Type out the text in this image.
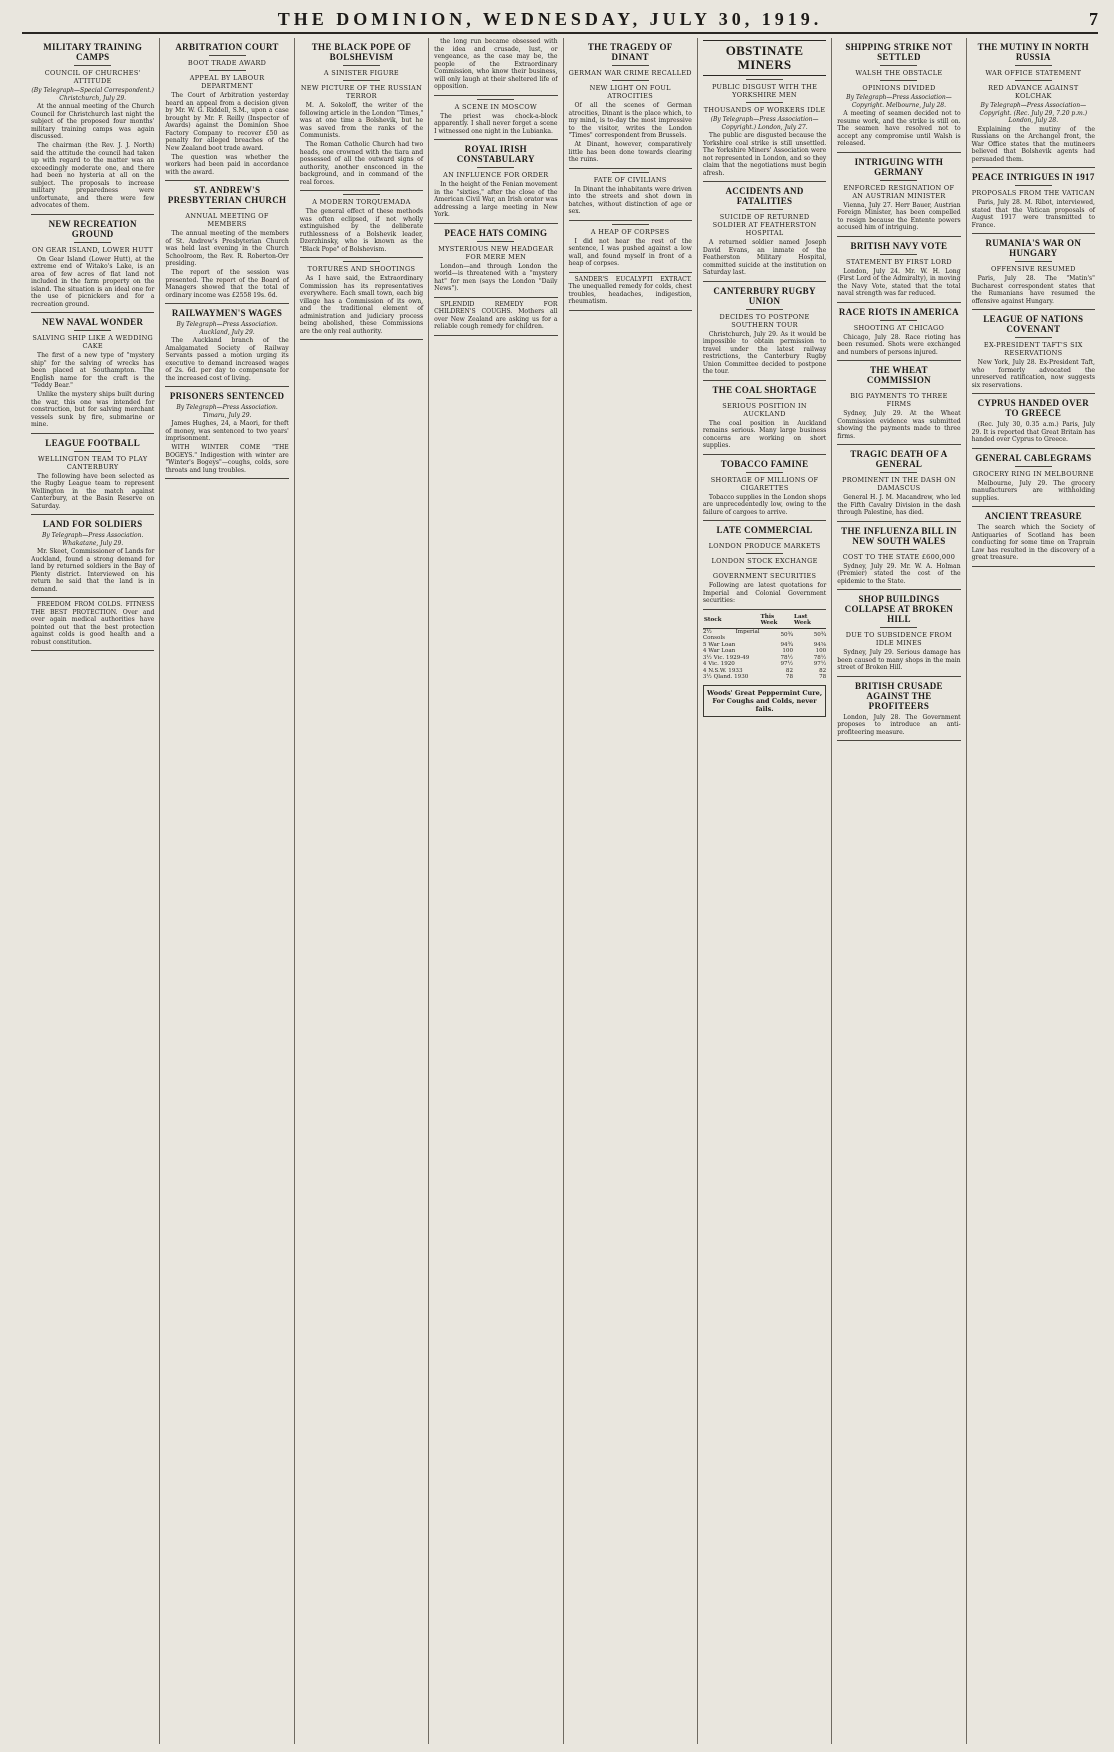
THE DOMINION, WEDNESDAY, JULY 30, 1919.	7
MILITARY TRAINING CAMPS
COUNCIL OF CHURCHES' ATTITUDE
(By Telegraph—Special Correspondent.) Christchurch, July 29.

At the annual meeting of the Church Council for Christchurch last night the subject of the proposed four months' military training camps was again discussed.

The chairman (the Rev. J. J. North) said the attitude the council had taken up with regard to the matter was an exceedingly moderate one, and there had been no hysteria at all on the subject. The proposals to increase military preparedness were unfortunate, and there were few advocates of them.

NEW RECREATION GROUND
ON GEAR ISLAND, LOWER HUTT

On Gear Island (Lower Hutt), at the extreme end of Witako's Lake, is an area of few acres of flat land not included in the farm property on the island. The situation is an ideal one for the use of picnickers and for a recreation ground.

NEW NAVAL WONDER
SALVING SHIP LIKE A WEDDING CAKE

The first of a new type of "mystery ship" for the salving of wrecks has been placed at Southampton. The English name for the craft is the "Teddy Bear."

Unlike the mystery ships built during the war, this one was intended for construction, but for salving merchant vessels sunk by fire, submarine or mine.

LEAGUE FOOTBALL
WELLINGTON TEAM TO PLAY CANTERBURY

The following have been selected as the Rugby League team to represent Wellington in the match against Canterbury, at the Basin Reserve on Saturday.

LAND FOR SOLDIERS
By Telegraph—Press Association. Whakatane, July 29.

Mr. Skeet, Commissioner of Lands for Auckland, found a strong demand for land by returned soldiers in the Bay of Plenty district. Interviewed on his return he said that the land is in demand.

FREEDOM FROM COLDS. FITNESS THE BEST PROTECTION. Over and over again medical authorities have pointed out that the best protection against colds is good health and a robust constitution.

ARBITRATION COURT
BOOT TRADE AWARD
APPEAL BY LABOUR DEPARTMENT

The Court of Arbitration yesterday heard an appeal from a decision given by Mr. W. G. Riddell, S.M., upon a case brought by Mr. F. Reilly (Inspector of Awards) against the Dominion Shoe Factory Company to recover £50 as penalty for alleged breaches of the New Zealand boot trade award.

The question was whether the workers had been paid in accordance with the award.

ST. ANDREW'S PRESBYTERIAN CHURCH
ANNUAL MEETING OF MEMBERS

The annual meeting of the members of St. Andrew's Presbyterian Church was held last evening in the Church Schoolroom, the Rev. R. Roberton-Orr presiding.

The report of the session was presented. The report of the Board of Managers showed that the total of ordinary income was £2558 19s. 6d.

RAILWAYMEN'S WAGES
By Telegraph—Press Association. Auckland, July 29.

The Auckland branch of the Amalgamated Society of Railway Servants passed a motion urging its executive to demand increased wages of 2s. 6d. per day to compensate for the increased cost of living.

PRISONERS SENTENCED
By Telegraph—Press Association. Timaru, July 29.

James Hughes, 24, a Maori, for theft of money, was sentenced to two years' imprisonment.

WITH WINTER COME "THE BOGEYS." Indigestion with winter are "Winter's Bogeys"—coughs, colds, sore throats and lung troubles.

THE BLACK POPE OF BOLSHEVISM
A SINISTER FIGURE
NEW PICTURE OF THE RUSSIAN TERROR

M. A. Sokoloff, the writer of the following article in the London "Times," was at one time a Bolshevik, but he was saved from the ranks of the Communists.

The Roman Catholic Church had two heads, one crowned with the tiara and possessed of all the outward signs of authority, another ensconced in the background, and in command of the real forces.

A MODERN TORQUEMADA

The general effect of these methods was often eclipsed, if not wholly extinguished by the deliberate ruthlessness of a Bolshevik leader, Dzerzhinsky, who is known as the "Black Pope" of Bolshevism.

TORTURES AND SHOOTINGS

As I have said, the Extraordinary Commission has its representatives everywhere. Each small town, each big village has a Commission of its own, and the traditional element of administration and judiciary process being abolished, these Commissions are the only real authority.

the long run became obsessed with the idea and crusade, lust, or vengeance, as the case may be, the people of the Extraordinary Commission, who know their business, will only laugh at their sheltered life of opposition.

A SCENE IN MOSCOW

The priest was chock-a-block apparently. I shall never forget a scene I witnessed one night in the Lubianka.

ROYAL IRISH CONSTABULARY
AN INFLUENCE FOR ORDER

In the height of the Fenian movement in the "sixties," after the close of the American Civil War, an Irish orator was addressing a large meeting in New York.

PEACE HATS COMING
MYSTERIOUS NEW HEADGEAR FOR MERE MEN

London—and through London the world—is threatened with a "mystery hat" for men (says the London "Daily News").

SPLENDID REMEDY FOR CHILDREN'S COUGHS. Mothers all over New Zealand are asking us for a reliable cough remedy for children.

THE TRAGEDY OF DINANT
GERMAN WAR CRIME RECALLED
NEW LIGHT ON FOUL ATROCITIES

Of all the scenes of German atrocities, Dinant is the place which, to my mind, is to-day the most impressive to the visitor, writes the London "Times" correspondent from Brussels.

At Dinant, however, comparatively little has been done towards clearing the ruins.

FATE OF CIVILIANS

In Dinant the inhabitants were driven into the streets and shot down in batches, without distinction of age or sex.

A HEAP OF CORPSES

I did not hear the rest of the sentence, I was pushed against a low wall, and found myself in front of a heap of corpses.

SANDER'S EUCALYPTI EXTRACT. The unequalled remedy for colds, chest troubles, headaches, indigestion, rheumatism.

OBSTINATE MINERS
PUBLIC DISGUST WITH THE YORKSHIRE MEN
THOUSANDS OF WORKERS IDLE
(By Telegraph—Press Association—Copyright.) London, July 27.

The public are disgusted because the Yorkshire coal strike is still unsettled. The Yorkshire Miners' Association were not represented in London, and so they claim that the negotiations must begin afresh.

ACCIDENTS AND FATALITIES
SUICIDE OF RETURNED SOLDIER AT FEATHERSTON HOSPITAL

A returned soldier named Joseph David Evans, an inmate of the Featherston Military Hospital, committed suicide at the institution on Saturday last.

CANTERBURY RUGBY UNION
DECIDES TO POSTPONE SOUTHERN TOUR

Christchurch, July 29. As it would be impossible to obtain permission to travel under the latest railway restrictions, the Canterbury Rugby Union Committee decided to postpone the tour.

THE COAL SHORTAGE
SERIOUS POSITION IN AUCKLAND

The coal position in Auckland remains serious. Many large business concerns are working on short supplies.

TOBACCO FAMINE
SHORTAGE OF MILLIONS OF CIGARETTES

Tobacco supplies in the London shops are unprecedentedly low, owing to the failure of cargoes to arrive.

LATE COMMERCIAL
LONDON PRODUCE MARKETS
LONDON STOCK EXCHANGE
GOVERNMENT SECURITIES

Following are latest quotations for Imperial and Colonial Government securities:

Stock	This Week	Last Week
2½ Imperial Consols	50¾	50¾
5 War Loan	94¾	94⅝
4 War Loan	100	100
3½ Vic. 1929-49	78½	78½
4 Vic. 1920	97½	97½
4 N.S.W. 1933	82	82
3½ Qland. 1930	78	78
Woods' Great Peppermint Cure, For Coughs and Colds, never fails.
SHIPPING STRIKE NOT SETTLED
WALSH THE OBSTACLE
OPINIONS DIVIDED
By Telegraph—Press Association—Copyright. Melbourne, July 28.

A meeting of seamen decided not to resume work, and the strike is still on. The seamen have resolved not to accept any compromise until Walsh is released.

INTRIGUING WITH GERMANY
ENFORCED RESIGNATION OF AN AUSTRIAN MINISTER

Vienna, July 27. Herr Bauer, Austrian Foreign Minister, has been compelled to resign because the Entente powers accused him of intriguing.

BRITISH NAVY VOTE
STATEMENT BY FIRST LORD

London, July 24. Mr. W. H. Long (First Lord of the Admiralty), in moving the Navy Vote, stated that the total naval strength was far reduced.

RACE RIOTS IN AMERICA
SHOOTING AT CHICAGO

Chicago, July 28. Race rioting has been resumed. Shots were exchanged and numbers of persons injured.

THE WHEAT COMMISSION
BIG PAYMENTS TO THREE FIRMS

Sydney, July 29. At the Wheat Commission evidence was submitted showing the payments made to three firms.

TRAGIC DEATH OF A GENERAL
PROMINENT IN THE DASH ON DAMASCUS

General H. J. M. Macandrew, who led the Fifth Cavalry Division in the dash through Palestine, has died.

THE INFLUENZA BILL IN NEW SOUTH WALES
COST TO THE STATE £600,000

Sydney, July 29. Mr. W. A. Holman (Premier) stated the cost of the epidemic to the State.

SHOP BUILDINGS COLLAPSE AT BROKEN HILL
DUE TO SUBSIDENCE FROM IDLE MINES

Sydney, July 29. Serious damage has been caused to many shops in the main street of Broken Hill.

BRITISH CRUSADE AGAINST THE PROFITEERS

London, July 28. The Government proposes to introduce an anti-profiteering measure.

THE MUTINY IN NORTH RUSSIA
WAR OFFICE STATEMENT
RED ADVANCE AGAINST KOLCHAK
By Telegraph—Press Association—Copyright. (Rec. July 29, 7.20 p.m.) London, July 28.

Explaining the mutiny of the Russians on the Archangel front, the War Office states that the mutineers believed that Bolshevik agents had persuaded them.

PEACE INTRIGUES IN 1917
PROPOSALS FROM THE VATICAN

Paris, July 28. M. Ribot, interviewed, stated that the Vatican proposals of August 1917 were transmitted to France.

RUMANIA'S WAR ON HUNGARY
OFFENSIVE RESUMED

Paris, July 28. The "Matin's" Bucharest correspondent states that the Rumanians have resumed the offensive against Hungary.

LEAGUE OF NATIONS COVENANT
EX-PRESIDENT TAFT'S SIX RESERVATIONS

New York, July 28. Ex-President Taft, who formerly advocated the unreserved ratification, now suggests six reservations.

CYPRUS HANDED OVER TO GREECE

(Rec. July 30, 0.35 a.m.) Paris, July 29. It is reported that Great Britain has handed over Cyprus to Greece.

GENERAL CABLEGRAMS
GROCERY RING IN MELBOURNE

Melbourne, July 29. The grocery manufacturers are withholding supplies.

ANCIENT TREASURE

The search which the Society of Antiquaries of Scotland has been conducting for some time on Traprain Law has resulted in the discovery of a great treasure.
